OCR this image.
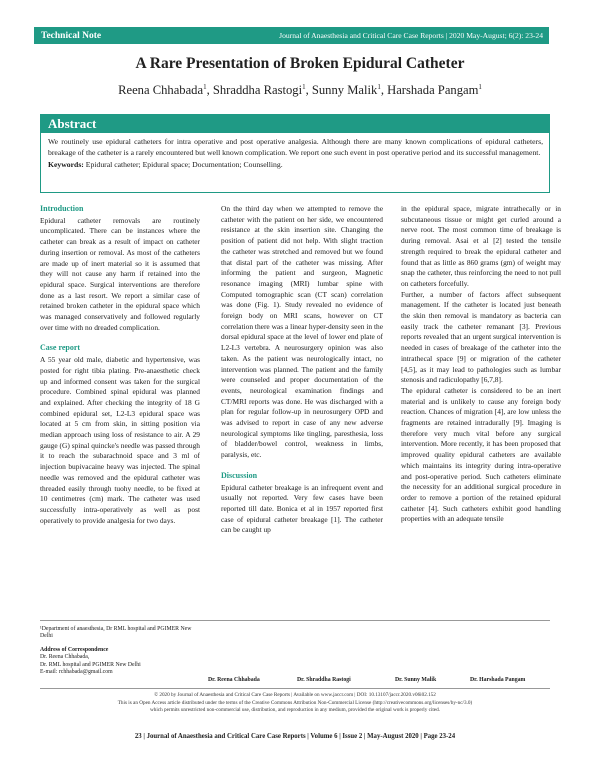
Technical Note	Journal of Anaesthesia and Critical Care Case Reports | 2020 May-August; 6(2): 23-24
A Rare Presentation of Broken Epidural Catheter
Reena Chhabada$^1$, Shraddha Rastogi$^1$, Sunny Malik$^1$, Harshada Pangam$^1$
Abstract
We routinely use epidural catheters for intra operative and post operative analgesia. Although there are many known complications of epidural catheters, breakage of the catheter is a rarely encountered but well known complication. We report one such event in post operative period and its successful management.
Keywords: Epidural catheter; Epidural space; Documentation; Counselling.
Introduction

Epidural catheter removals are routinely uncomplicated. There can be instances where the catheter can break as a result of impact on catheter during insertion or removal. As most of the catheters are made up of inert material so it is assumed that they will not cause any harm if retained into the epidural space. Surgical interventions are therefore done as a last resort. We report a similar case of retained broken catheter in the epidural space which was managed conservatively and followed regularly over time with no dreaded complication.

Case report

A 55 year old male, diabetic and hypertensive, was posted for right tibia plating. Pre-anaesthetic check up and informed consent was taken for the surgical procedure. Combined spinal epidural was planned and explained. After checking the integrity of 18 G combined epidural set, L2-L3 epidural space was located at 5 cm from skin, in sitting position via median approach using loss of resistance to air. A 29 gauge (G) spinal quincke's needle was passed through it to reach the subarachnoid space and 3 ml of injection bupivacaine heavy was injected. The spinal needle was removed and the epidural catheter was threaded easily through tuohy needle, to be fixed at 10 centimetres (cm) mark. The catheter was used successfully intra-operatively as well as post operatively to provide analgesia for two days.

On the third day when we attempted to remove the catheter with the patient on her side, we encountered resistance at the skin insertion site. Changing the position of patient did not help. With slight traction the catheter was stretched and removed but we found that distal part of the catheter was missing. After informing the patient and surgeon, Magnetic resonance imaging (MRI) lumbar spine with Computed tomographic scan (CT scan) correlation was done (Fig. 1). Study revealed no evidence of foreign body on MRI scans, however on CT correlation there was a linear hyper-density seen in the dorsal epidural space at the level of lower end plate of L2-L3 vertebra. A neurosurgery opinion was also taken. As the patient was neurologically intact, no intervention was planned. The patient and the family were counseled and proper documentation of the events, neurological examination findings and CT/MRI reports was done. He was discharged with a plan for regular follow-up in neurosurgery OPD and was advised to report in case of any new adverse neurological symptoms like tingling, paresthesia, loss of bladder/bowel control, weakness in limbs, paralysis, etc.

Discussion

Epidural catheter breakage is an infrequent event and usually not reported. Very few cases have been reported till date. Bonica et al in 1957 reported first case of epidural catheter breakage [1]. The catheter can be caught up

in the epidural space, migrate intrathecally or in subcutaneous tissue or might get curled around a nerve root. The most common time of breakage is during removal. Asai et al [2] tested the tensile strength required to break the epidural catheter and found that as little as 860 grams (gm) of weight may snap the catheter, thus reinforcing the need to not pull on catheters forcefully.

Further, a number of factors affect subsequent management. If the catheter is located just beneath the skin then removal is mandatory as bacteria can easily track the catheter remanant [3]. Previous reports revealed that an urgent surgical intervention is needed in cases of breakage of the catheter into the intrathecal space [9] or migration of the catheter [4,5], as it may lead to pathologies such as lumbar stenosis and radiculopathy [6,7,8].

The epidural catheter is considered to be an inert material and is unlikely to cause any foreign body reaction. Chances of migration [4], are low unless the fragments are retained intradurally [9]. Imaging is therefore very much vital before any surgical intervention. More recently, it has been proposed that improved quality epidural catheters are available which maintains its integrity during intra-operative and post-operative period. Such catheters eliminate the necessity for an additional surgical procedure in order to remove a portion of the retained epidural catheter [4]. Such catheters exhibit good handling properties with an adequate tensile

¹Department of anaesthesia, Dr RML hospital and PGIMER New Delhi
Address of Correspondence
Dr. Reena Chhabada,
Dr. RML hospital and PGIMER New Delhi
E-mail: rchhabada@gmail.com
Dr. Reena Chhabada	Dr. Shraddha Rastogi	Dr. Sunny Malik	Dr. Harshada Pangam
© 2020 by Journal of Anaesthesia and Critical Care Case Reports | Available on www.jaccr.com | DOI: 10.13107/jaccr.2020.v06i02.152
This is an Open Access article distributed under the terms of the Creative Commons Attribution Non-Commercial License (http://creativecommons.org/licenses/by-nc/3.0)
which permits unrestricted non-commercial use, distribution, and reproduction in any medium, provided the original work is properly cited.
23 | Journal of Anaesthesia and Critical Care Case Reports | Volume 6 | Issue 2 | May-August 2020 | Page 23-24
